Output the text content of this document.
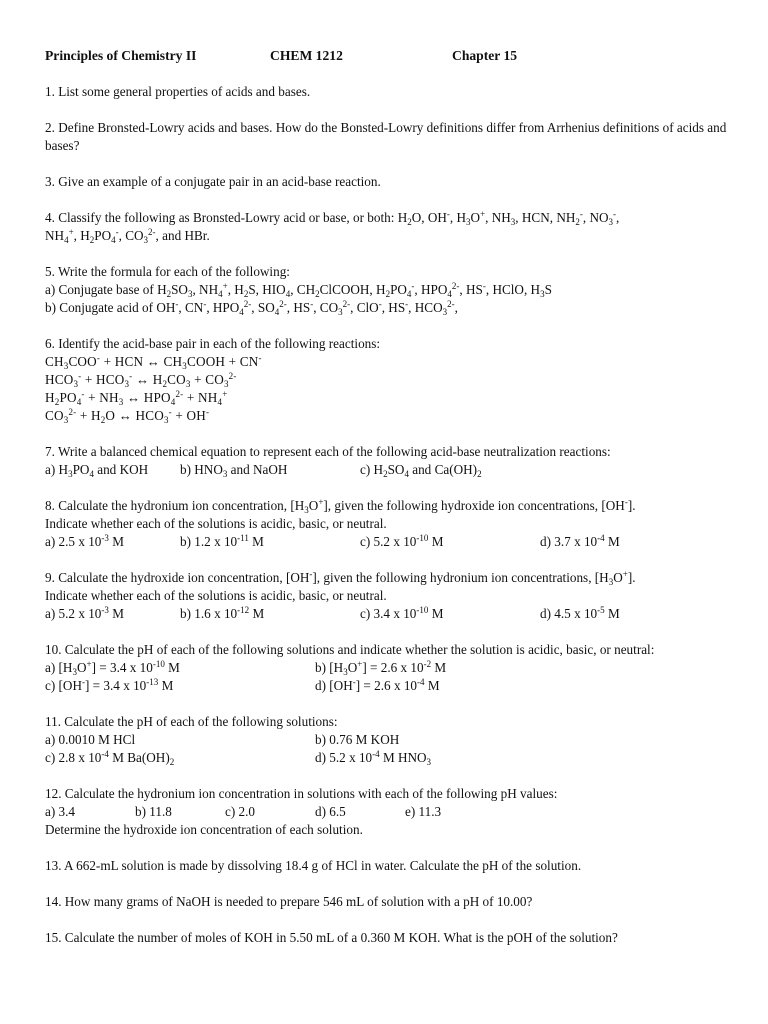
Principles of Chemistry II	CHEM 1212	Chapter 15
1. List some general properties of acids and bases.
2. Define Bronsted-Lowry acids and bases. How do the Bonsted-Lowry definitions differ from Arrhenius definitions of acids and bases?
3. Give an example of a conjugate pair in an acid-base reaction.
4. Classify the following as Bronsted-Lowry acid or base, or both: $H_2O$, OH-, $H_3O^+$, $NH_3$, HCN, $NH_2^-$, $NO_3^-$,
$NH_4^+$, $H_2PO_4^-$, $CO_3^{2-}$, and HBr.
5. Write the formula for each of the following:
a) Conjugate base of $H_2SO_3$, $NH_4^+$, $H_2S$, $HIO_4$, $CH_2ClCOOH$, $H_2PO_4^-$, $HPO_4^{2-}$, HS-, HClO, $H_3S$
b) Conjugate acid of OH-, CN-, $HPO_4^{2-}$, $SO_4^{2-}$, HS-, $CO_3^{2-}$, ClO-, HS-, $HCO_3^{2-}$,
6. Identify the acid-base pair in each of the following reactions:
$CH_3COO^-$ + HCN ↔ $CH_3COOH + CN^-$
$HCO_3^- + HCO_3^-$ ↔ $H_2CO_3 + CO_3^{2-}$
$H_2PO_4^- + NH_3$ ↔ $HPO_4^{2-} + NH_4^+$
$CO_3^{2-} + H_2O$ ↔ $HCO_3^- + OH^-$
7. Write a balanced chemical equation to represent each of the following acid-base neutralization reactions:
a) $H_3PO_4$ and KOH	b) $HNO_3$ and NaOH	c) $H_2SO_4$ and $Ca(OH)_2$
8. Calculate the hydronium ion concentration, $[H_3O^+]$, given the following hydroxide ion concentrations, [OH-].
Indicate whether each of the solutions is acidic, basic, or neutral.
a) 2.5 x $10^{-3}$ M	b) 1.2 x $10^{-11}$ M	c) 5.2 x $10^{-10}$ M	d) 3.7 x $10^{-4}$ M
9. Calculate the hydroxide ion concentration, [OH-], given the following hydronium ion concentrations, $[H_3O^+]$.
Indicate whether each of the solutions is acidic, basic, or neutral.
a) 5.2 x $10^{-3}$ M	b) 1.6 x $10^{-12}$ M	c) 3.4 x $10^{-10}$ M	d) 4.5 x $10^{-5}$ M
10. Calculate the pH of each of the following solutions and indicate whether the solution is acidic, basic, or neutral:
a) $[H_3O^+] = 3.4$ x $10^{-10}$ M	b) $[H_3O^+] = 2.6$ x $10^{-2}$ M
c) [OH-] = 3.4 x $10^{-13}$ M	d) [OH-] = 2.6 x $10^{-4}$ M
11. Calculate the pH of each of the following solutions:
a) 0.0010 M HCl	b) 0.76 M KOH
c) 2.8 x $10^{-4}$ M $Ba(OH)_2$	d) 5.2 x $10^{-4}$ M $HNO_3$
12. Calculate the hydronium ion concentration in solutions with each of the following pH values:
a) 3.4	b) 11.8	c) 2.0	d) 6.5	e) 11.3
Determine the hydroxide ion concentration of each solution.
13. A 662-mL solution is made by dissolving 18.4 g of HCl in water. Calculate the pH of the solution.
14. How many grams of NaOH is needed to prepare 546 mL of solution with a pH of 10.00?
15. Calculate the number of moles of KOH in 5.50 mL of a 0.360 M KOH. What is the pOH of the solution?
